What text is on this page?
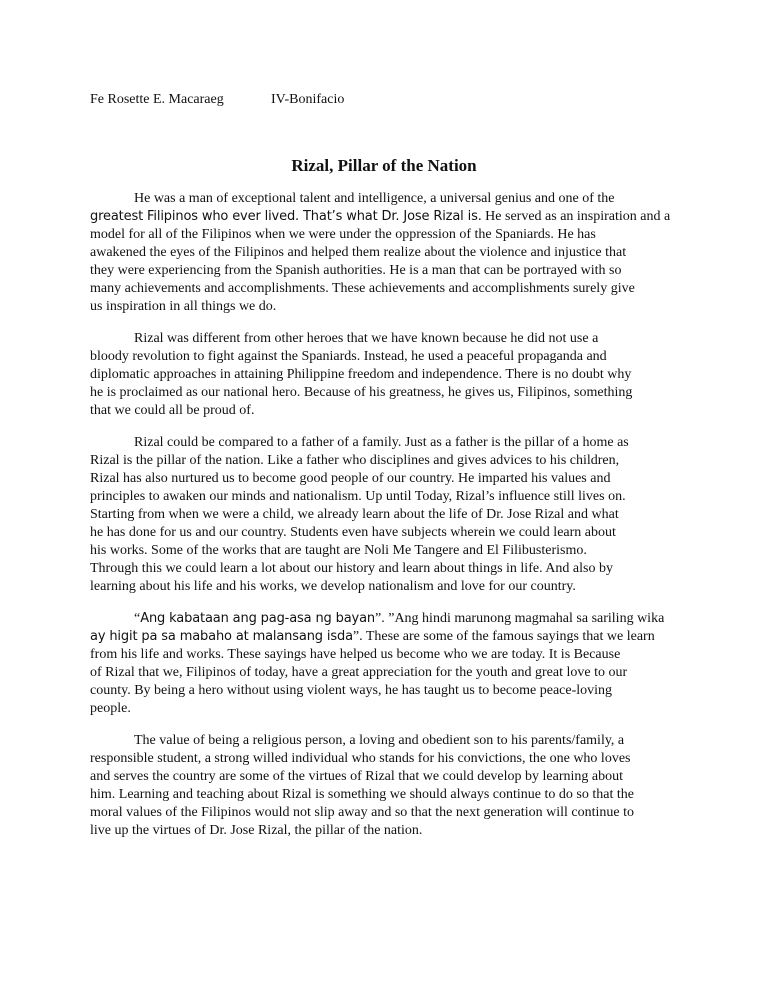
Fe Rosette E. Macaraeg	IV-Bonifacio
Rizal, Pillar of the Nation
He was a man of exceptional talent and intelligence, a universal genius and one of the
greatest Filipinos who ever lived. That’s what Dr. Jose Rizal is. He served as an inspiration and a
model for all of the Filipinos when we were under the oppression of the Spaniards. He has
awakened the eyes of the Filipinos and helped them realize about the violence and injustice that
they were experiencing from the Spanish authorities. He is a man that can be portrayed with so
many achievements and accomplishments. These achievements and accomplishments surely give
us inspiration in all things we do.
Rizal was different from other heroes that we have known because he did not use a
bloody revolution to fight against the Spaniards. Instead, he used a peaceful propaganda and
diplomatic approaches in attaining Philippine freedom and independence. There is no doubt why
he is proclaimed as our national hero. Because of his greatness, he gives us, Filipinos, something
that we could all be proud of.
Rizal could be compared to a father of a family. Just as a father is the pillar of a home as
Rizal is the pillar of the nation. Like a father who disciplines and gives advices to his children,
Rizal has also nurtured us to become good people of our country. He imparted his values and
principles to awaken our minds and nationalism. Up until Today, Rizal’s influence still lives on.
Starting from when we were a child, we already learn about the life of Dr. Jose Rizal and what
he has done for us and our country. Students even have subjects wherein we could learn about
his works. Some of the works that are taught are Noli Me Tangere and El Filibusterismo.
Through this we could learn a lot about our history and learn about things in life. And also by
learning about his life and his works, we develop nationalism and love for our country.
“Ang kabataan ang pag-asa ng bayan”. ”Ang hindi marunong magmahal sa sariling wika
ay higit pa sa mabaho at malansang isda”. These are some of the famous sayings that we learn
from his life and works. These sayings have helped us become who we are today. It is Because
of Rizal that we, Filipinos of today, have a great appreciation for the youth and great love to our
county. By being a hero without using violent ways, he has taught us to become peace-loving
people.
The value of being a religious person, a loving and obedient son to his parents/family, a
responsible student, a strong willed individual who stands for his convictions, the one who loves
and serves the country are some of the virtues of Rizal that we could develop by learning about
him. Learning and teaching about Rizal is something we should always continue to do so that the
moral values of the Filipinos would not slip away and so that the next generation will continue to
live up the virtues of Dr. Jose Rizal, the pillar of the nation.
